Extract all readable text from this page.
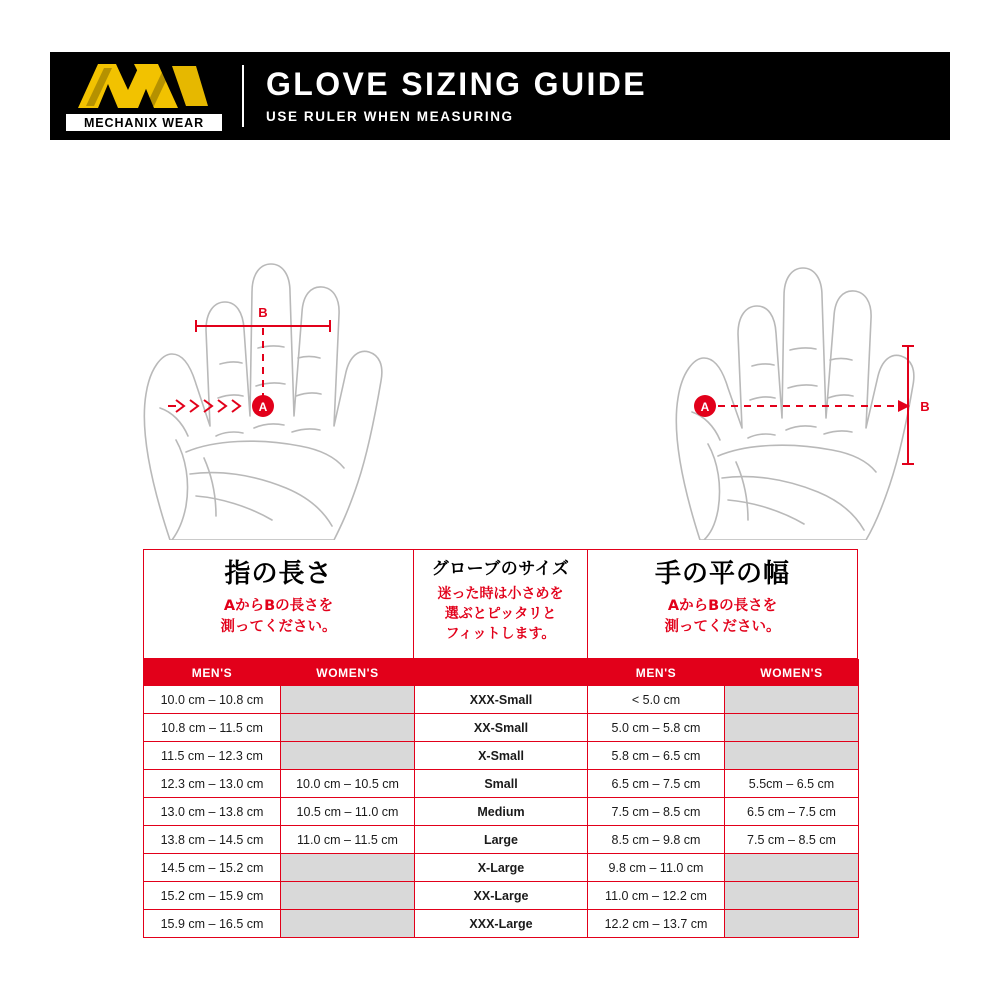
MECHANIX WEAR
GLOVE SIZING GUIDE
USE RULER WHEN MEASURING
A
B
A	B
指の長さ
AからBの長さを
測ってください。
グローブのサイズ
迷った時は小さめを
選ぶとピッタリと
フィットします。
手の平の幅
AからBの長さを
測ってください。
MEN'S	WOMEN'S		MEN'S	WOMEN'S
10.0 cm – 10.8 cm		XXX-Small	< 5.0 cm	
10.8 cm – 11.5 cm		XX-Small	5.0 cm – 5.8 cm	
11.5 cm – 12.3 cm		X-Small	5.8 cm – 6.5 cm	
12.3 cm – 13.0 cm	10.0 cm – 10.5 cm	Small	6.5 cm – 7.5 cm	5.5cm – 6.5 cm
13.0 cm – 13.8 cm	10.5 cm – 11.0 cm	Medium	7.5 cm – 8.5 cm	6.5 cm – 7.5 cm
13.8 cm – 14.5 cm	11.0 cm – 11.5 cm	Large	8.5 cm – 9.8 cm	7.5 cm – 8.5 cm
14.5 cm – 15.2 cm		X-Large	9.8 cm – 11.0 cm	
15.2 cm – 15.9 cm		XX-Large	11.0 cm – 12.2 cm	
15.9 cm – 16.5 cm		XXX-Large	12.2 cm – 13.7 cm	
